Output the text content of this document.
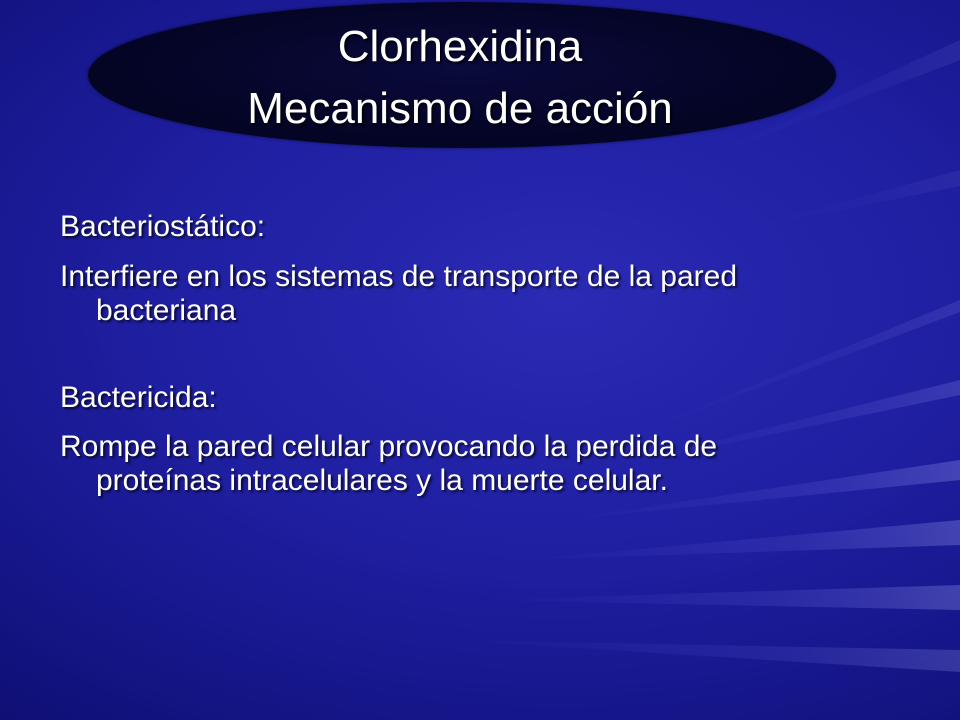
Clorhexidina
Mecanismo de acción

Bacteriostático:

Interfiere en los sistemas de transporte de la pared
bacteriana

Bactericida:

Rompe la pared celular provocando la perdida de
proteínas intracelulares y la muerte celular.
